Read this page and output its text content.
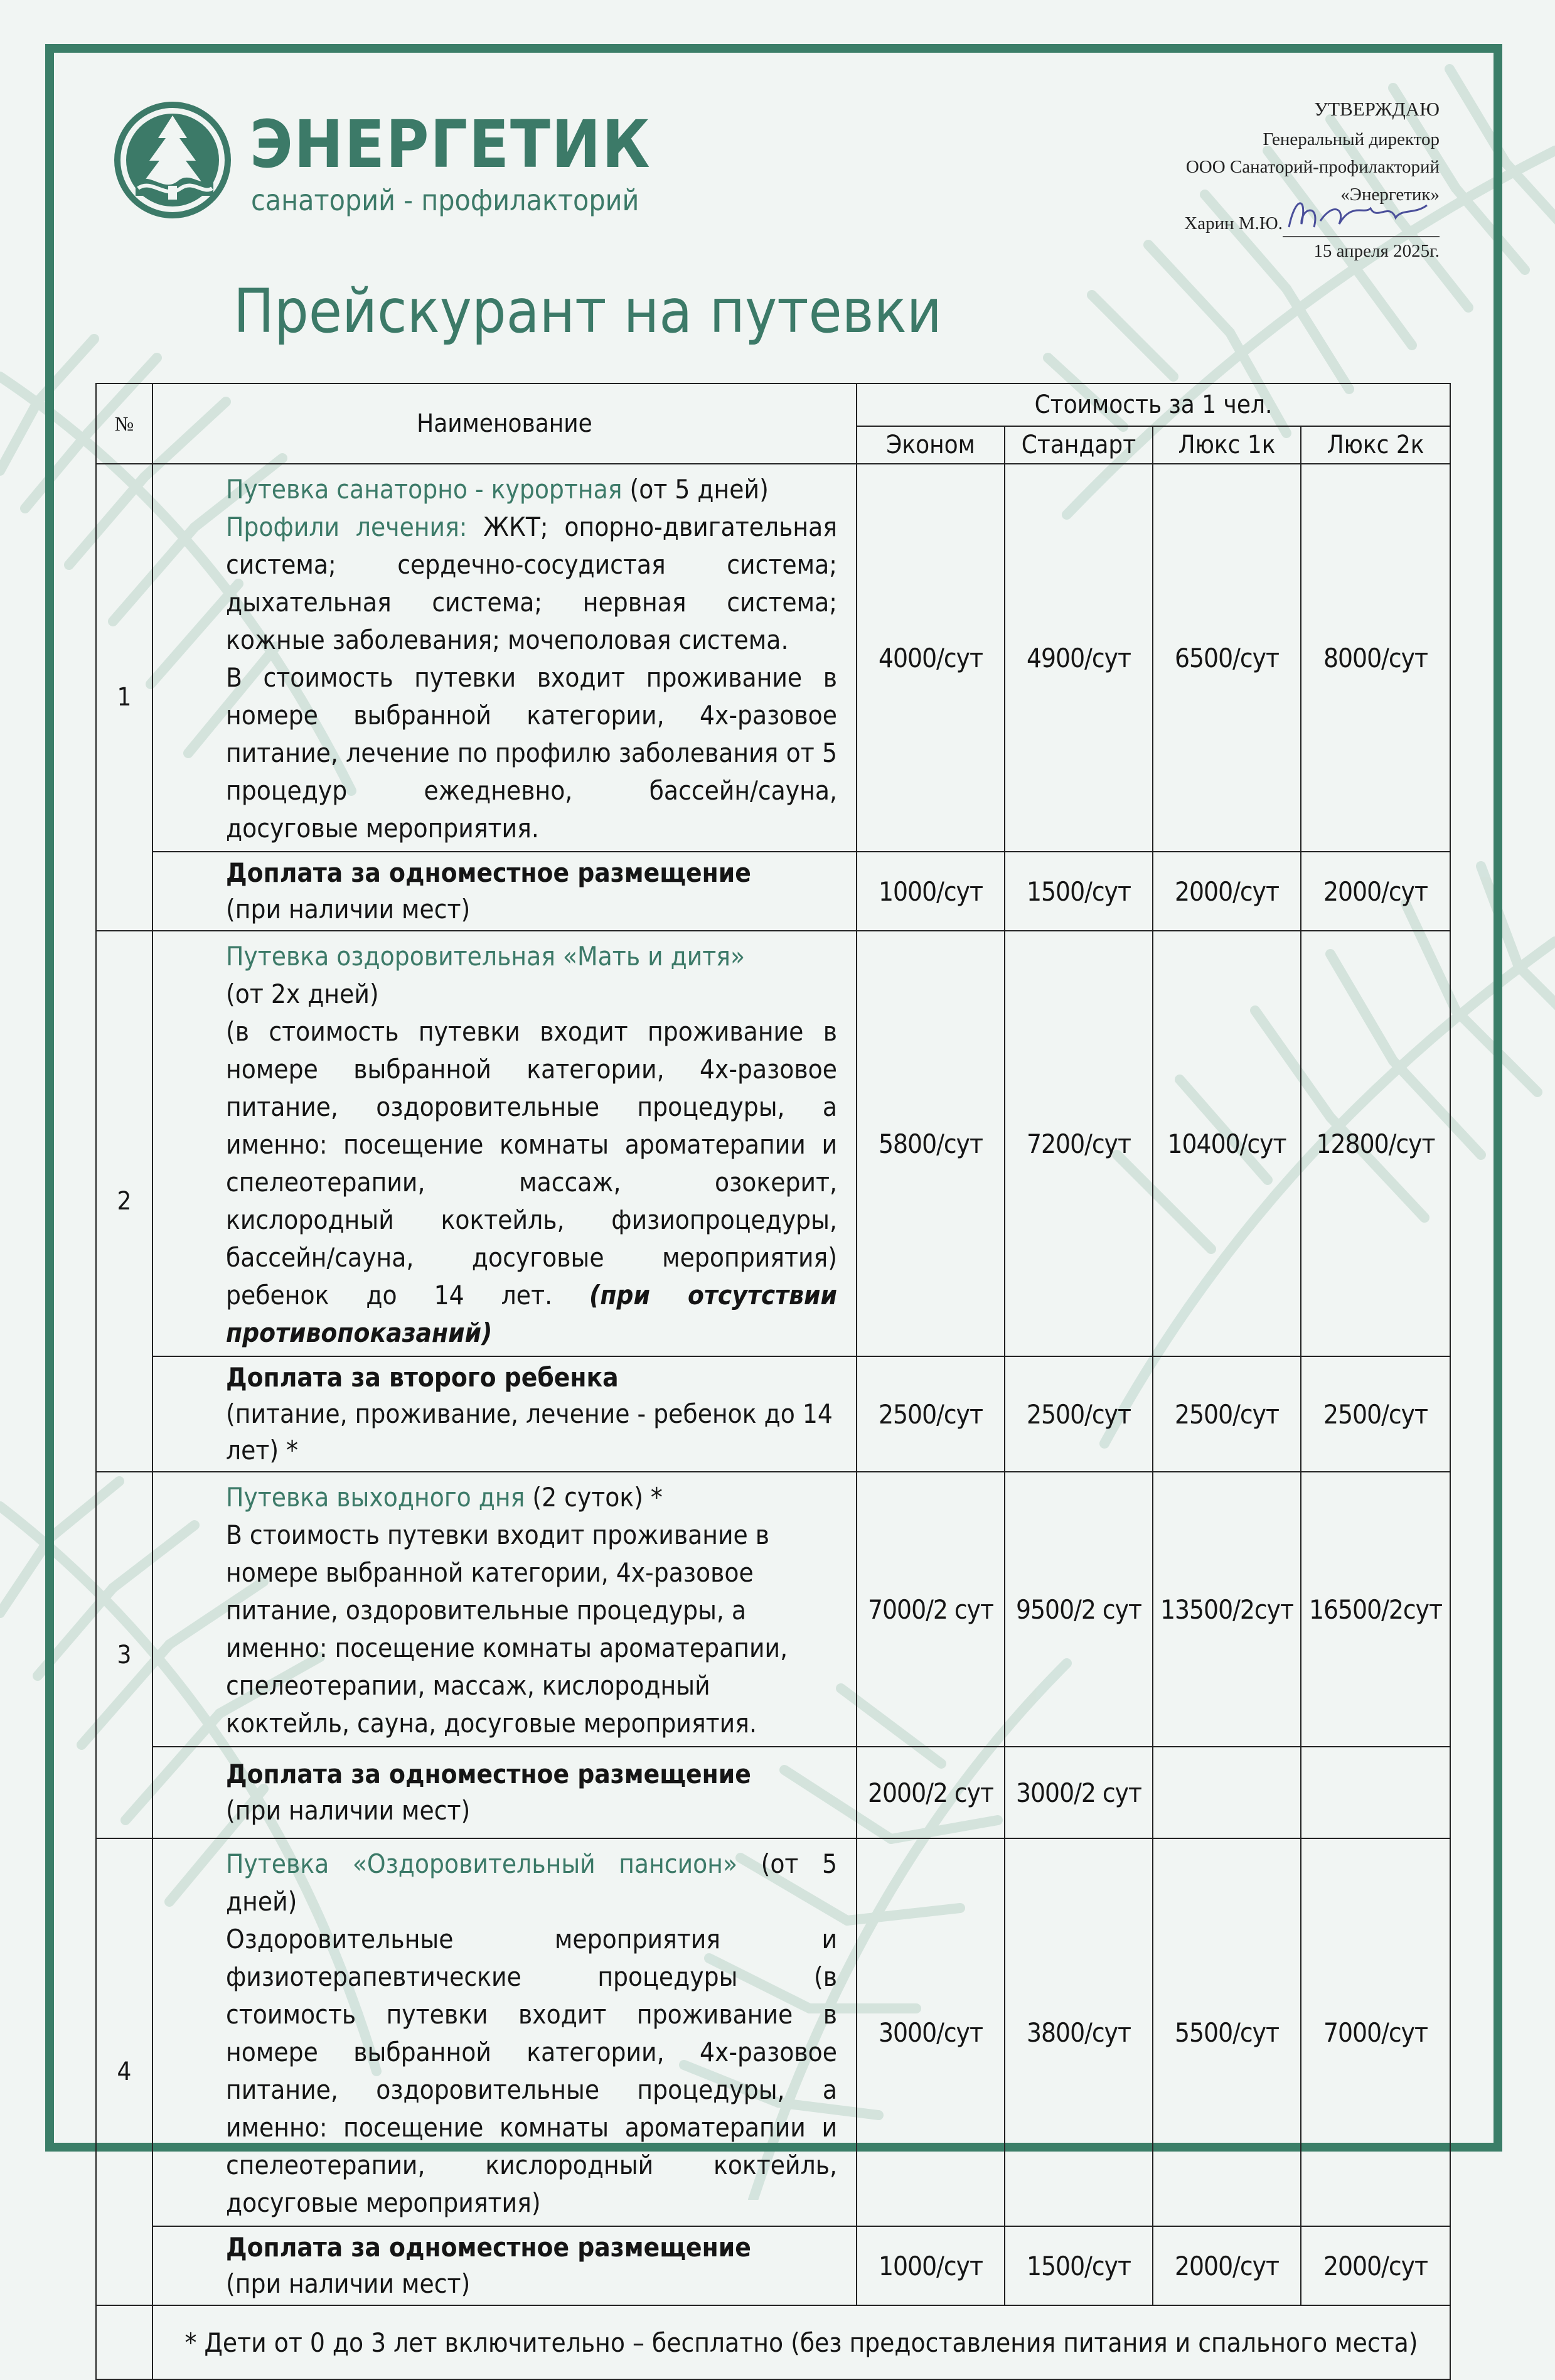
ЭНЕРГЕТИК
санаторий - профилакторий
УТВЕРЖДАЮ
Генеральный директор
ООО Санаторий-профилакторий
«Энергетик»
Харин М.Ю.
15 апреля 2025г.
Прейскурант на путевки
№	Наименование	Стоимость за 1 чел.			
		Эконом	Стандарт	Люкс 1к	Люкс 2к
1	Путевка санаторно - курортная (от 5 дней)

Профили лечения: ЖКТ; опорно-двигательная система; сердечно-сосудистая система; дыхательная система; нервная система; кожные заболевания; мочеполовая система.

В стоимость путевки входит проживание в номере выбранной категории, 4х-разовое питание, лечение по профилю заболевания от 5 процедур ежедневно, бассейн/сауна, досуговые мероприятия.	4000/сут	4900/сут	6500/сут	8000/сут

	Доплата за одноместное размещение
(при наличии мест)	1000/сут	1500/сут	2000/сут	2000/сут
2	Путевка оздоровительная «Мать и дитя»

(от 2х дней)

(в стоимость путевки входит проживание в номере выбранной категории, 4х-разовое питание, оздоровительные процедуры, а именно: посещение комнаты ароматерапии и спелеотерапии, массаж, озокерит, кислородный коктейль, физиопроцедуры, бассейн/сауна, досуговые мероприятия) ребенок до 14 лет. (при отсутствии противопоказаний)	5800/сут	7200/сут	10400/сут	12800/сут

	Доплата за второго ребенка
(питание, проживание, лечение - ребенок до 14 лет) *	2500/сут	2500/сут	2500/сут	2500/сут
3	Путевка выходного дня (2 суток) *

В стоимость путевки входит проживание в номере выбранной категории, 4х-разовое питание, оздоровительные процедуры, а именно: посещение комнаты ароматерапии, спелеотерапии, массаж, кислородный коктейль, сауна, досуговые мероприятия.	7000/2 сут	9500/2 сут	13500/2сут	16500/2сут

	Доплата за одноместное размещение
(при наличии мест)	2000/2 сут	3000/2 сут		
4	Путевка «Оздоровительный пансион» (от 5 дней)

Оздоровительные мероприятия и физиотерапевтические процедуры (в стоимость путевки входит проживание в номере выбранной категории, 4х-разовое питание, оздоровительные процедуры, а именно: посещение комнаты ароматерапии и спелеотерапии, кислородный коктейль, досуговые мероприятия)	3000/сут	3800/сут	5500/сут	7000/сут

	Доплата за одноместное размещение
(при наличии мест)	1000/сут	1500/сут	2000/сут	2000/сут
	* Дети от 0 до 3 лет включительно – бесплатно (без предоставления питания и спального места)				
